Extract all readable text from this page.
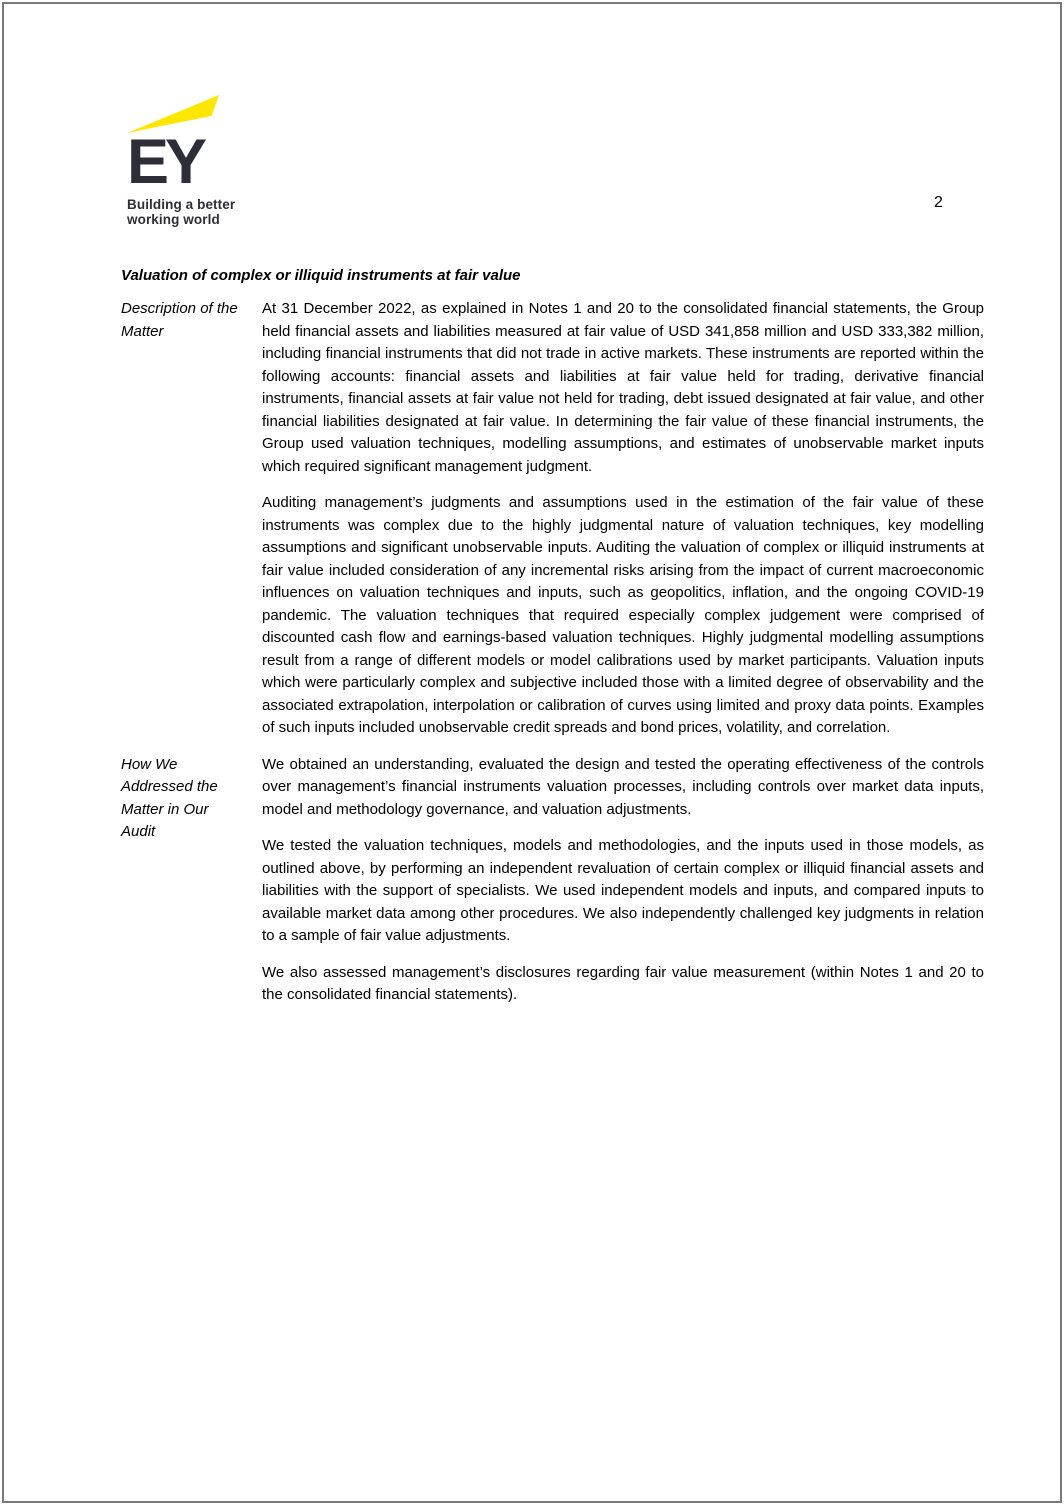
EY
Building a better
working world
2
Valuation of complex or illiquid instruments at fair value
Description of the Matter

At 31 December 2022, as explained in Notes 1 and 20 to the consolidated financial statements, the Group held financial assets and liabilities measured at fair value of USD 341,858 million and USD 333,382 million, including financial instruments that did not trade in active markets. These instruments are reported within the following accounts: financial assets and liabilities at fair value held for trading, derivative financial instruments, financial assets at fair value not held for trading, debt issued designated at fair value, and other financial liabilities designated at fair value. In determining the fair value of these financial instruments, the Group used valuation techniques, modelling assumptions, and estimates of unobservable market inputs which required significant management judgment.

Auditing management’s judgments and assumptions used in the estimation of the fair value of these instruments was complex due to the highly judgmental nature of valuation techniques, key modelling assumptions and significant unobservable inputs. Auditing the valuation of complex or illiquid instruments at fair value included consideration of any incremental risks arising from the impact of current macroeconomic influences on valuation techniques and inputs, such as geopolitics, inflation, and the ongoing COVID-19 pandemic. The valuation techniques that required especially complex judgement were comprised of discounted cash flow and earnings-based valuation techniques. Highly judgmental modelling assumptions result from a range of different models or model calibrations used by market participants. Valuation inputs which were particularly complex and subjective included those with a limited degree of observability and the associated extrapolation, interpolation or calibration of curves using limited and proxy data points. Examples of such inputs included unobservable credit spreads and bond prices, volatility, and correlation.

How We Addressed the Matter in Our Audit

We obtained an understanding, evaluated the design and tested the operating effectiveness of the controls over management’s financial instruments valuation processes, including controls over market data inputs, model and methodology governance, and valuation adjustments.

We tested the valuation techniques, models and methodologies, and the inputs used in those models, as outlined above, by performing an independent revaluation of certain complex or illiquid financial assets and liabilities with the support of specialists. We used independent models and inputs, and compared inputs to available market data among other procedures. We also independently challenged key judgments in relation to a sample of fair value adjustments.

We also assessed management’s disclosures regarding fair value measurement (within Notes 1 and 20 to the consolidated financial statements).
